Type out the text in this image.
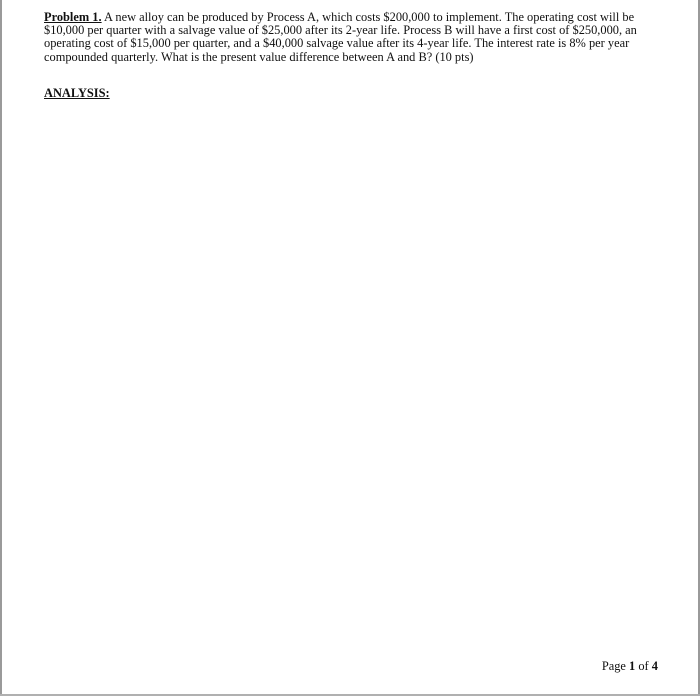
Problem 1. A new alloy can be produced by Process A, which costs $200,000 to implement. The operating cost will be $10,000 per quarter with a salvage value of $25,000 after its 2-year life. Process B will have a first cost of $250,000, an operating cost of $15,000 per quarter, and a $40,000 salvage value after its 4-year life. The interest rate is 8% per year compounded quarterly. What is the present value difference between A and B? (10 pts)

ANALYSIS:

Page 1 of 4
